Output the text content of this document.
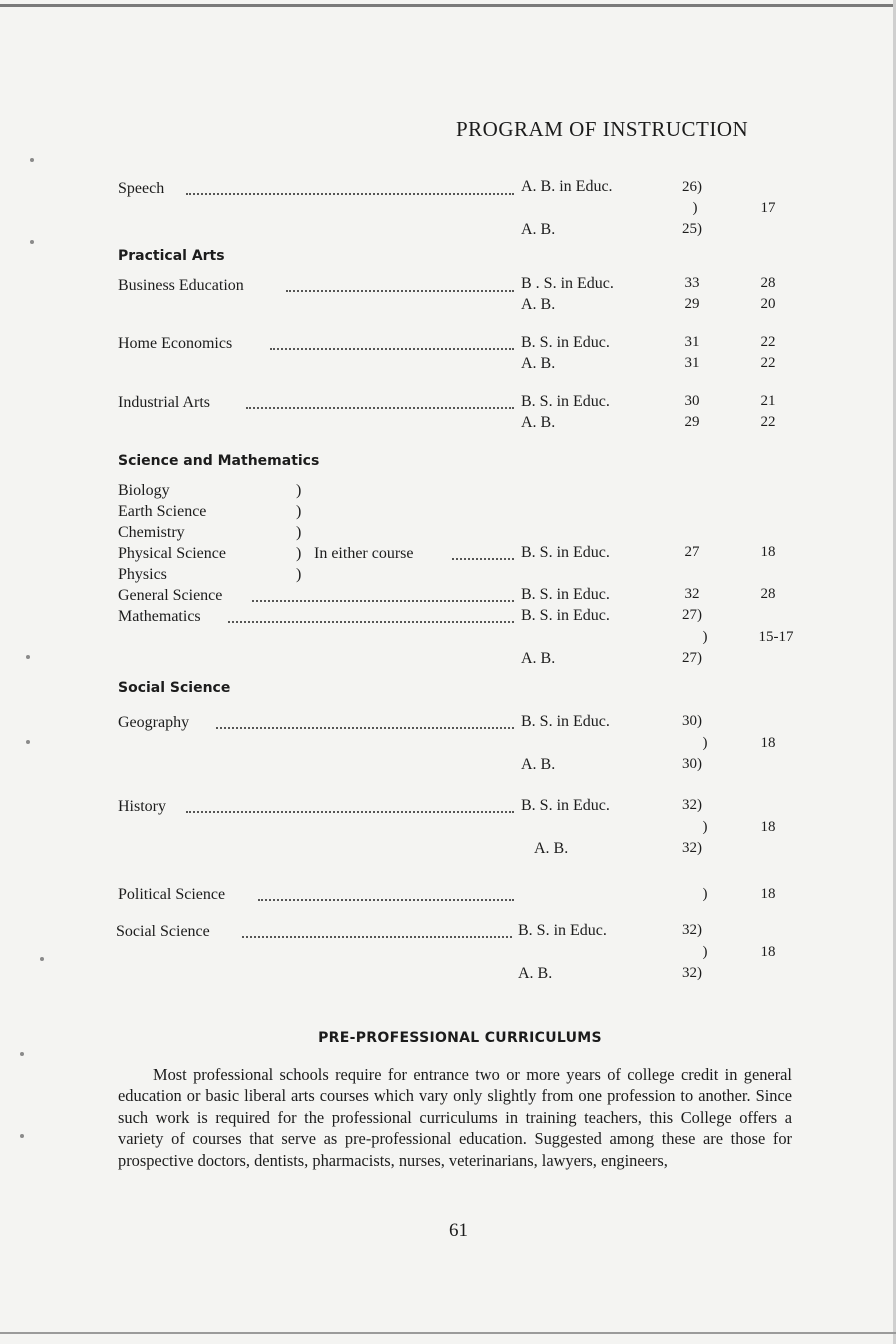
PROGRAM OF INSTRUCTION
Speech	A. B. in Educ.	26)
)	17
A. B.	25)
Practical Arts
Business Education	B . S. in Educ.	33	28
A. B.	29	20
Home Economics	B. S. in Educ.	31	22
A. B.	31	22
Industrial Arts	B. S. in Educ.	30	21
A. B.	29	22
Science and Mathematics
Biology	)
Earth Science	)
Chemistry	)
Physical Science	) In either course	B. S. in Educ.	27	18
Physics	)
General Science	B. S. in Educ.	32	28
Mathematics	B. S. in Educ.	27)
)	15-17
A. B.	27)
Social Science
Geography	B. S. in Educ.	30)
)	18
A. B.	30)
History	B. S. in Educ.	32)
)	18
A. B.	32)
Political Science	)	18
Social Science	B. S. in Educ.	32)
)	18
A. B.	32)
PRE-PROFESSIONAL CURRICULUMS
Most professional schools require for entrance two or more years of college credit in general education or basic liberal arts courses which vary only slightly from one profession to another. Since such work is required for the professional curriculums in training teachers, this College offers a variety of courses that serve as pre-professional education. Suggested among these are those for prospective doctors, dentists, pharmacists, nurses, veterinarians, lawyers, engineers,
61
